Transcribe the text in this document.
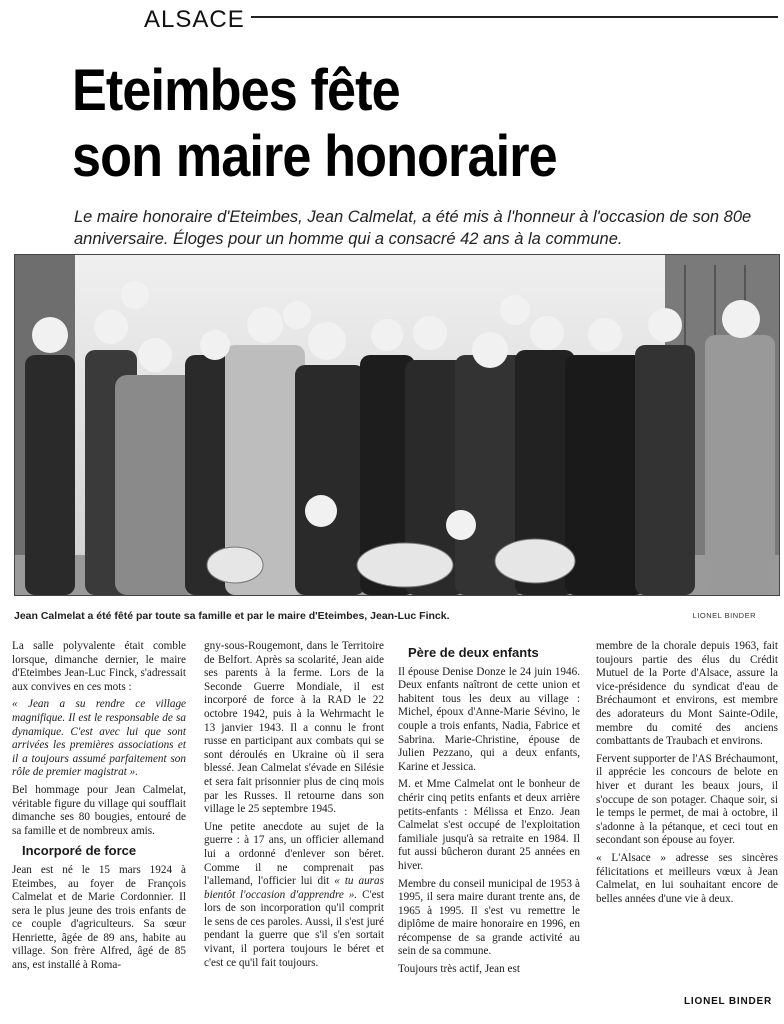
ALSACE
Eteimbes fête
son maire honoraire

Le maire honoraire d'Eteimbes, Jean Calmelat, a été mis à l'honneur à l'occasion de son 80e anniversaire. Éloges pour un homme qui a consacré 42 ans à la commune.

Jean Calmelat a été fêté par toute sa famille et par le maire d'Eteimbes, Jean-Luc Finck.	LIONEL BINDER

La salle polyvalente était comble lorsque, dimanche dernier, le maire d'Eteimbes Jean-Luc Finck, s'adressait aux convives en ces mots :

« Jean a su rendre ce village magnifique. Il est le responsable de sa dynamique. C'est avec lui que sont arrivées les premières associations et il a toujours assumé parfaitement son rôle de premier magistrat ».

Bel hommage pour Jean Calmelat, véritable figure du village qui soufflait dimanche ses 80 bougies, entouré de sa famille et de nombreux amis.

Incorporé de force

Jean est né le 15 mars 1924 à Eteimbes, au foyer de François Calmelat et de Marie Cordonnier. Il sera le plus jeune des trois enfants de ce couple d'agriculteurs. Sa sœur Henriette, âgée de 89 ans, habite au village. Son frère Alfred, âgé de 85 ans, est installé à Roma-

gny-sous-Rougemont, dans le Territoire de Belfort. Après sa scolarité, Jean aide ses parents à la ferme. Lors de la Seconde Guerre Mondiale, il est incorporé de force à la RAD le 22 octobre 1942, puis à la Wehrmacht le 13 janvier 1943. Il a connu le front russe en participant aux combats qui se sont déroulés en Ukraine où il sera blessé. Jean Calmelat s'évade en Silésie et sera fait prisonnier plus de cinq mois par les Russes. Il retourne dans son village le 25 septembre 1945.

Une petite anecdote au sujet de la guerre : à 17 ans, un officier allemand lui a ordonné d'enlever son béret. Comme il ne comprenait pas l'allemand, l'officier lui dit « tu auras bientôt l'occasion d'apprendre ». C'est lors de son incorporation qu'il comprit le sens de ces paroles. Aussi, il s'est juré pendant la guerre que s'il s'en sortait vivant, il portera toujours le béret et c'est ce qu'il fait toujours.

Père de deux enfants

Il épouse Denise Donze le 24 juin 1946. Deux enfants naîtront de cette union et habitent tous les deux au village : Michel, époux d'Anne-Marie Sévino, le couple a trois enfants, Nadia, Fabrice et Sabrina. Marie-Christine, épouse de Julien Pezzano, qui a deux enfants, Karine et Jessica.

M. et Mme Calmelat ont le bonheur de chérir cinq petits enfants et deux arrière petits-enfants : Mélissa et Enzo. Jean Calmelat s'est occupé de l'exploitation familiale jusqu'à sa retraite en 1984. Il fut aussi bûcheron durant 25 années en hiver.

Membre du conseil municipal de 1953 à 1995, il sera maire durant trente ans, de 1965 à 1995. Il s'est vu remettre le diplôme de maire honoraire en 1996, en récompense de sa grande activité au sein de sa commune.

Toujours très actif, Jean est

membre de la chorale depuis 1963, fait toujours partie des élus du Crédit Mutuel de la Porte d'Alsace, assure la vice-présidence du syndicat d'eau de Bréchaumont et environs, est membre des adorateurs du Mont Sainte-Odile, membre du comité des anciens combattants de Traubach et environs.

Fervent supporter de l'AS Bréchaumont, il apprécie les concours de belote en hiver et durant les beaux jours, il s'occupe de son potager. Chaque soir, si le temps le permet, de mai à octobre, il s'adonne à la pétanque, et ceci tout en secondant son épouse au foyer.

« L'Alsace » adresse ses sincères félicitations et meilleurs vœux à Jean Calmelat, en lui souhaitant encore de belles années d'une vie à deux.

LIONEL BINDER
